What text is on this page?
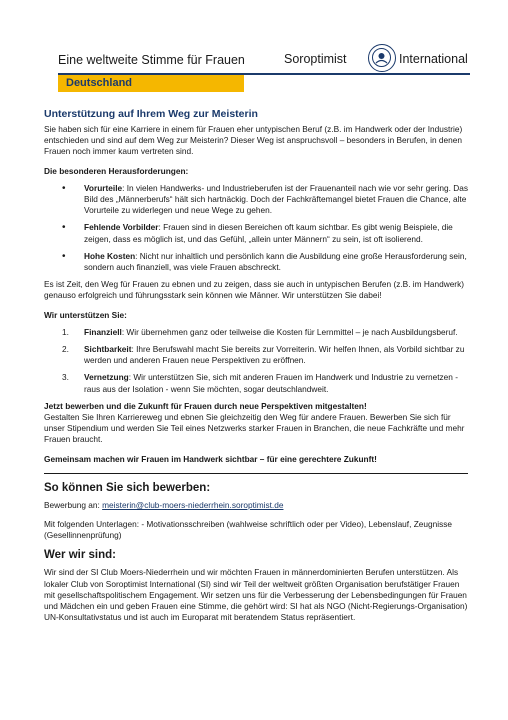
Eine weltweite Stimme für Frauen	Soroptimist	International
Deutschland
Unterstützung auf Ihrem Weg zur Meisterin

Sie haben sich für eine Karriere in einem für Frauen eher untypischen Beruf (z.B. im Handwerk oder der Industrie) entschieden und sind auf dem Weg zur Meisterin? Dieser Weg ist anspruchsvoll – besonders in Berufen, in denen Frauen noch immer kaum vertreten sind.

Die besonderen Herausforderungen:

• Vorurteile: In vielen Handwerks- und Industrieberufen ist der Frauenanteil nach wie vor sehr gering. Das Bild des „Männerberufs“ hält sich hartnäckig. Doch der Fachkräftemangel bietet Frauen die Chance, alte Vorurteile zu widerlegen und neue Wege zu gehen.
• Fehlende Vorbilder: Frauen sind in diesen Bereichen oft kaum sichtbar. Es gibt wenig Beispiele, die zeigen, dass es möglich ist, und das Gefühl, „allein unter Männern“ zu sein, ist oft isolierend.
• Hohe Kosten: Nicht nur inhaltlich und persönlich kann die Ausbildung eine große Herausforderung sein, sondern auch finanziell, was viele Frauen abschreckt.

Es ist Zeit, den Weg für Frauen zu ebnen und zu zeigen, dass sie auch in untypischen Berufen (z.B. im Handwerk) genauso erfolgreich und führungsstark sein können wie Männer. Wir unterstützen Sie dabei!

Wir unterstützen Sie:

1. Finanziell: Wir übernehmen ganz oder teilweise die Kosten für Lernmittel – je nach Ausbildungsberuf.
2. Sichtbarkeit: Ihre Berufswahl macht Sie bereits zur Vorreiterin. Wir helfen Ihnen, als Vorbild sichtbar zu werden und anderen Frauen neue Perspektiven zu eröffnen.
3. Vernetzung: Wir unterstützen Sie, sich mit anderen Frauen im Handwerk und Industrie zu vernetzen - raus aus der Isolation - wenn Sie möchten, sogar deutschlandweit.

Jetzt bewerben und die Zukunft für Frauen durch neue Perspektiven mitgestalten!

Gestalten Sie Ihren Karriereweg und ebnen Sie gleichzeitig den Weg für andere Frauen. Bewerben Sie sich für unser Stipendium und werden Sie Teil eines Netzwerks starker Frauen in Branchen, die neue Fachkräfte und mehr Frauen braucht.

Gemeinsam machen wir Frauen im Handwerk sichtbar – für eine gerechtere Zukunft!

So können Sie sich bewerben:

Bewerbung an: meisterin@club-moers-niederrhein.soroptimist.de

Mit folgenden Unterlagen: - Motivationsschreiben (wahlweise schriftlich oder per Video), Lebenslauf, Zeugnisse (Gesellinnenprüfung)

Wer wir sind:

Wir sind der SI Club Moers-Niederrhein und wir möchten Frauen in männerdominierten Berufen unterstützen. Als lokaler Club von Soroptimist International (SI) sind wir Teil der weltweit größten Organisation berufstätiger Frauen mit gesellschaftspolitischem Engagement. Wir setzen uns für die Verbesserung der Lebensbedingungen für Frauen und Mädchen ein und geben Frauen eine Stimme, die gehört wird: SI hat als NGO (Nicht-Regierungs-Organisation) UN-Konsultativstatus und ist auch im Europarat mit beratendem Status repräsentiert.
